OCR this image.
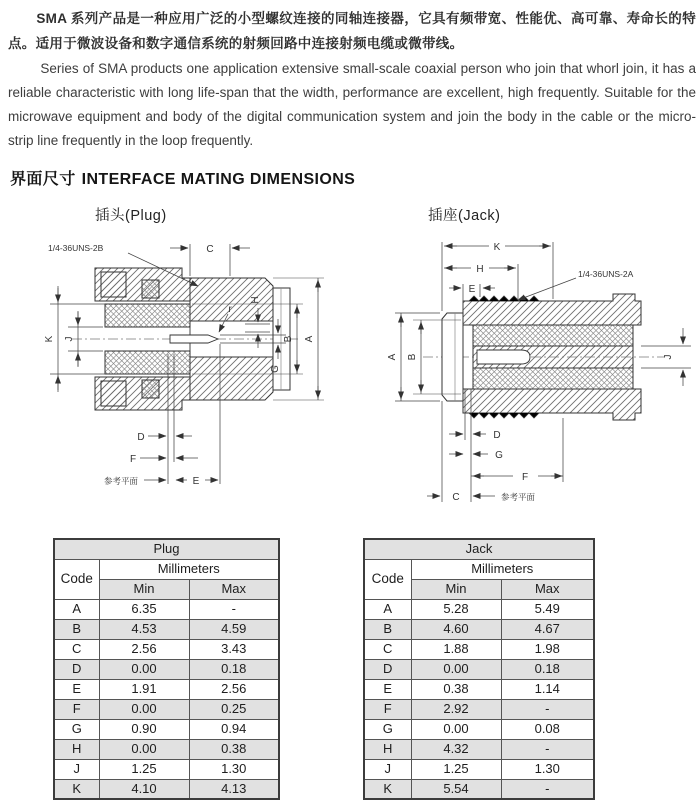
SMA 系列产品是一种应用广泛的小型螺纹连接的同轴连接器，它具有频带宽、性能优、高可靠、寿命长的特点。适用于微波设备和数字通信系统的射频回路中连接射频电缆或微带线。
Series of SMA products one application extensive small-scale coaxial person who join that whorl join, it has a reliable characteristic with long life-span that the width, performance are excellent, high frequently. Suitable for the microwave equipment and body of the digital communication system and join the body in the cable or the micro-strip line frequently in the loop frequently.
界面尺寸 INTERFACE MATING DIMENSIONS
插头(Plug)	插座(Jack)
1/4-36UNS-2B	C
K J
H
G
B A
r
D
F
E
参考平面
1/4-36UNS-2A
K
H
E
A B	J
D
G
F
C	参考平面
Plug		
Code	Millimeters	
	Min	Max
A	6.35	-
B	4.53	4.59
C	2.56	3.43
D	0.00	0.18
E	1.91	2.56
F	0.00	0.25
G	0.90	0.94
H	0.00	0.38
J	1.25	1.30
K	4.10	4.13
Jack		
Code	Millimeters	
	Min	Max
A	5.28	5.49
B	4.60	4.67
C	1.88	1.98
D	0.00	0.18
E	0.38	1.14
F	2.92	-
G	0.00	0.08
H	4.32	-
J	1.25	1.30
K	5.54	-
